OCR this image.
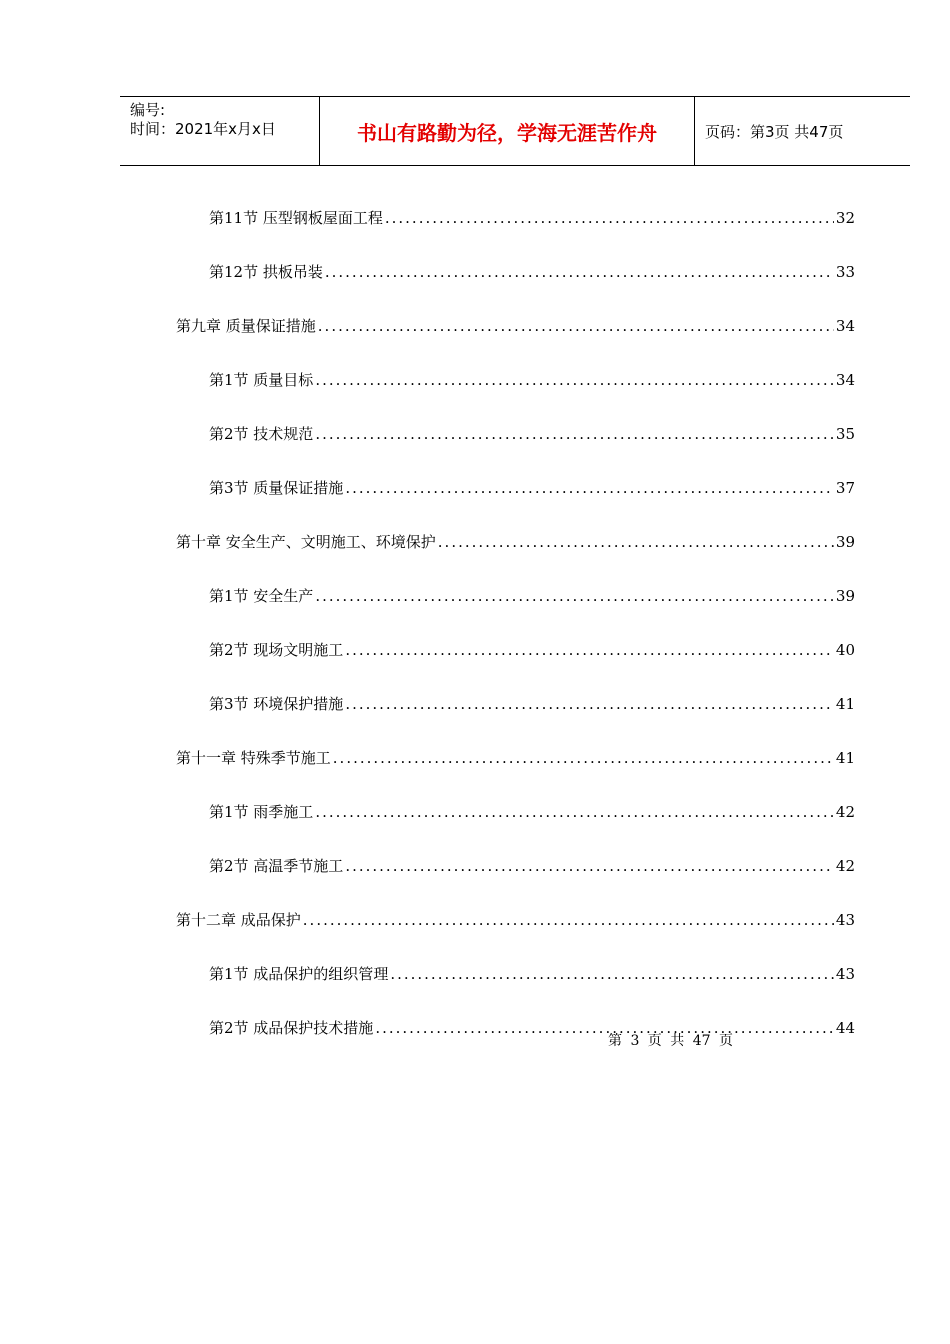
编号:
时间：2021年x月x日	书山有路勤为径，学海无涯苦作舟	页码：第3页 共47页
第11节 压型钢板屋面工程 .....	32
第12节 拱板吊装 .....	33
第九章 质量保证措施 .....	34
第1节 质量目标 .....	34
第2节 技术规范 .....	35
第3节 质量保证措施 .....	37
第十章 安全生产、文明施工、环境保护 .....	39
第1节 安全生产 .....	39
第2节 现场文明施工 .....	40
第3节 环境保护措施 .....	41
第十一章 特殊季节施工 .....	41
第1节 雨季施工 .....	42
第2节 高温季节施工 .....	42
第十二章 成品保护 .....	43
第1节 成品保护的组织管理 .....	43
第2节 成品保护技术措施 .....	44
第 3 页 共 47 页
